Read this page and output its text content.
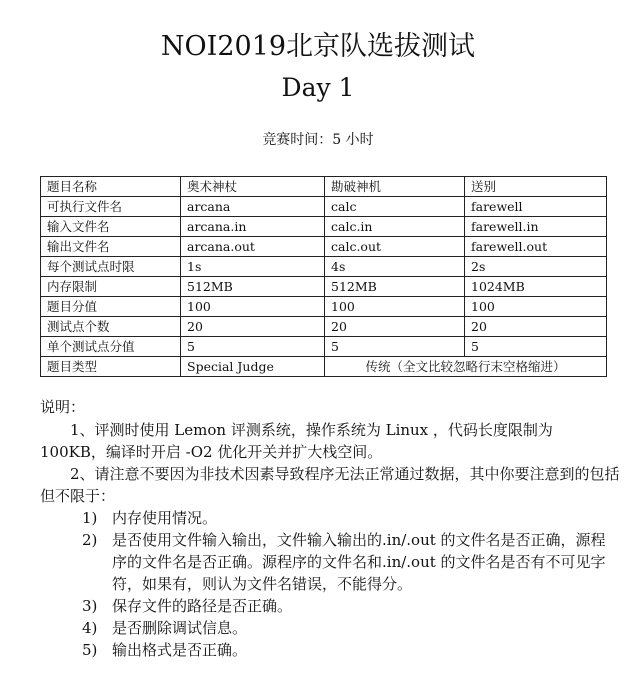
NOI2019北京队选拔测试
Day 1
竞赛时间：5 小时
题目名称	奥术神杖	勘破神机	送别
可执行文件名	arcana	calc	farewell
输入文件名	arcana.in	calc.in	farewell.in
输出文件名	arcana.out	calc.out	farewell.out
每个测试点时限	1s	4s	2s
内存限制	512MB	512MB	1024MB
题目分值	100	100	100
测试点个数	20	20	20
单个测试点分值	5	5	5
题目类型	Special Judge	传统（全文比较忽略行末空格缩进）	

说明：

1、评测时使用 Lemon 评测系统，操作系统为 Linux ，代码长度限制为 100KB，编译时开启 -O2 优化开关并扩大栈空间。

2、请注意不要因为非技术因素导致程序无法正常通过数据，其中你要注意到的包括但不限于：

1) 内存使用情况。
2) 是否使用文件输入输出，文件输入输出的.in/.out 的文件名是否正确，源程序的文件名是否正确。源程序的文件名和.in/.out 的文件名是否有不可见字符，如果有，则认为文件名错误，不能得分。
3) 保存文件的路径是否正确。
4) 是否删除调试信息。
5) 输出格式是否正确。
